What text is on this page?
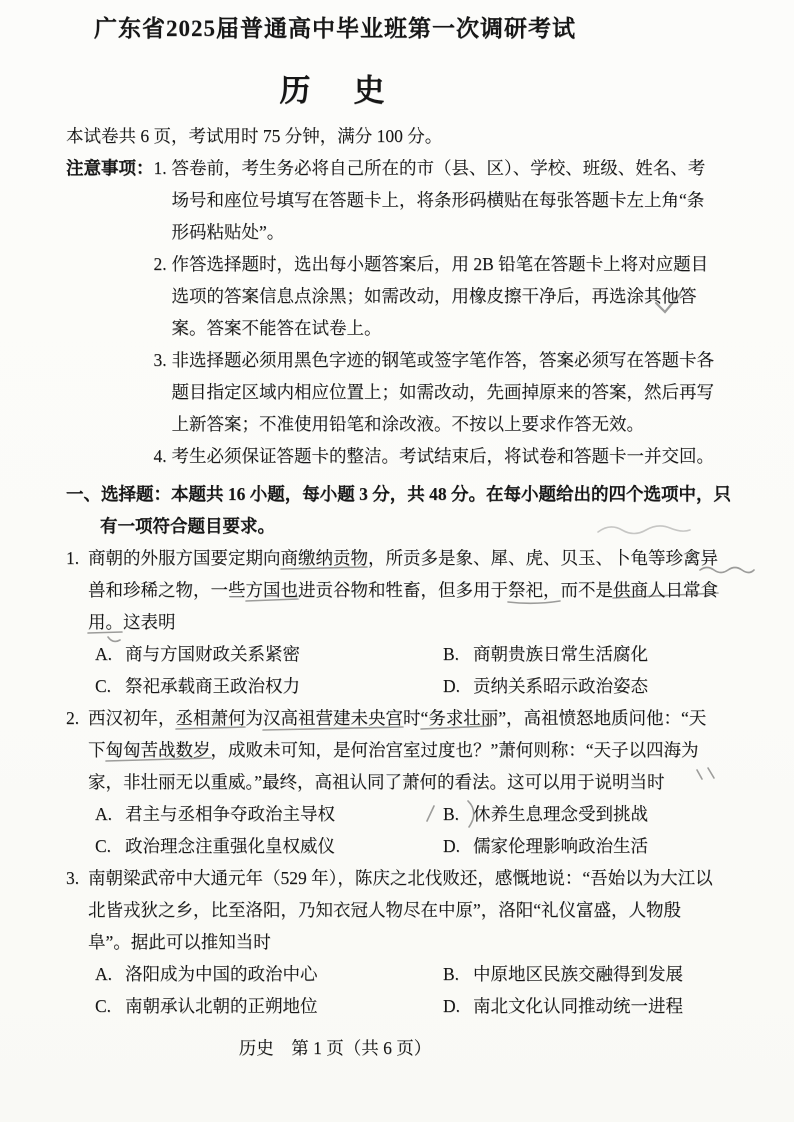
广东省2025届普通高中毕业班第一次调研考试
历　史
本试卷共 6 页，考试用时 75 分钟，满分 100 分。
注意事项： 1. 答卷前，考生务必将自己所在的市（县、区）、学校、班级、姓名、考
场号和座位号填写在答题卡上，将条形码横贴在每张答题卡左上角“条
形码粘贴处”。
2. 作答选择题时，选出每小题答案后，用 2B 铅笔在答题卡上将对应题目
选项的答案信息点涂黑；如需改动，用橡皮擦干净后，再选涂其他答
案。答案不能答在试卷上。
3. 非选择题必须用黑色字迹的钢笔或签字笔作答，答案必须写在答题卡各
题目指定区域内相应位置上；如需改动，先画掉原来的答案，然后再写
上新答案；不准使用铅笔和涂改液。不按以上要求作答无效。
4. 考生必须保证答题卡的整洁。考试结束后，将试卷和答题卡一并交回。
一、选择题：本题共 16 小题，每小题 3 分，共 48 分。在每小题给出的四个选项中，只
有一项符合题目要求。
1. 商朝的外服方国要定期向商缴纳贡物，所贡多是象、犀、虎、贝玉、卜龟等珍禽异
兽和珍稀之物，一些方国也进贡谷物和牲畜，但多用于祭祀，而不是供商人日常食
用。这表明
A. 商与方国财政关系紧密	B. 商朝贵族日常生活腐化
C. 祭祀承载商王政治权力	D. 贡纳关系昭示政治姿态
2. 西汉初年，丞相萧何为汉高祖营建未央宫时“务求壮丽”，高祖愤怒地质问他：“天
下匈匈苦战数岁，成败未可知，是何治宫室过度也？”萧何则称：“天子以四海为
家，非壮丽无以重威。”最终，高祖认同了萧何的看法。这可以用于说明当时
A. 君主与丞相争夺政治主导权	B. 休养生息理念受到挑战
C. 政治理念注重强化皇权威仪	D. 儒家伦理影响政治生活
3. 南朝梁武帝中大通元年（529 年），陈庆之北伐败还，感慨地说：“吾始以为大江以
北皆戎狄之乡，比至洛阳，乃知衣冠人物尽在中原”，洛阳“礼仪富盛，人物殷
阜”。据此可以推知当时
A. 洛阳成为中国的政治中心	B. 中原地区民族交融得到发展
C. 南朝承认北朝的正朔地位	D. 南北文化认同推动统一进程
历史　第 1 页（共 6 页）
